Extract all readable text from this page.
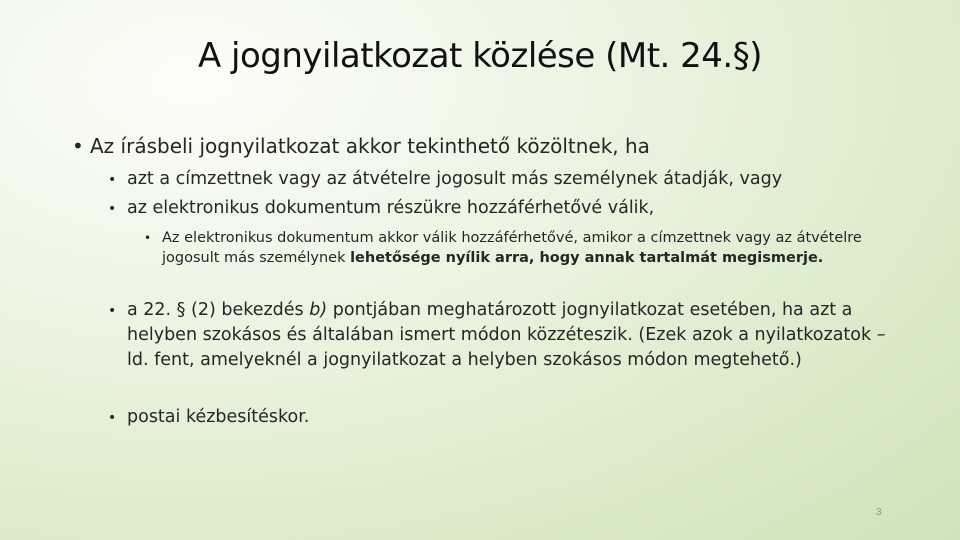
A jognyilatkozat közlése (Mt. 24.§)
• Az írásbeli jognyilatkozat akkor tekinthető közöltnek, ha
• azt a címzettnek vagy az átvételre jogosult más személynek átadják, vagy
• az elektronikus dokumentum részükre hozzáférhetővé válik,
• Az elektronikus dokumentum akkor válik hozzáférhetővé, amikor a címzettnek vagy az átvételre jogosult más személynek lehetősége nyílik arra, hogy annak tartalmát megismerje.
• a 22. § (2) bekezdés b) pontjában meghatározott jognyilatkozat esetében, ha azt a helyben szokásos és általában ismert módon közzéteszik. (Ezek azok a nyilatkozatok – ld. fent, amelyeknél a jognyilatkozat a helyben szokásos módon megtehető.)
• postai kézbesítéskor.
3
